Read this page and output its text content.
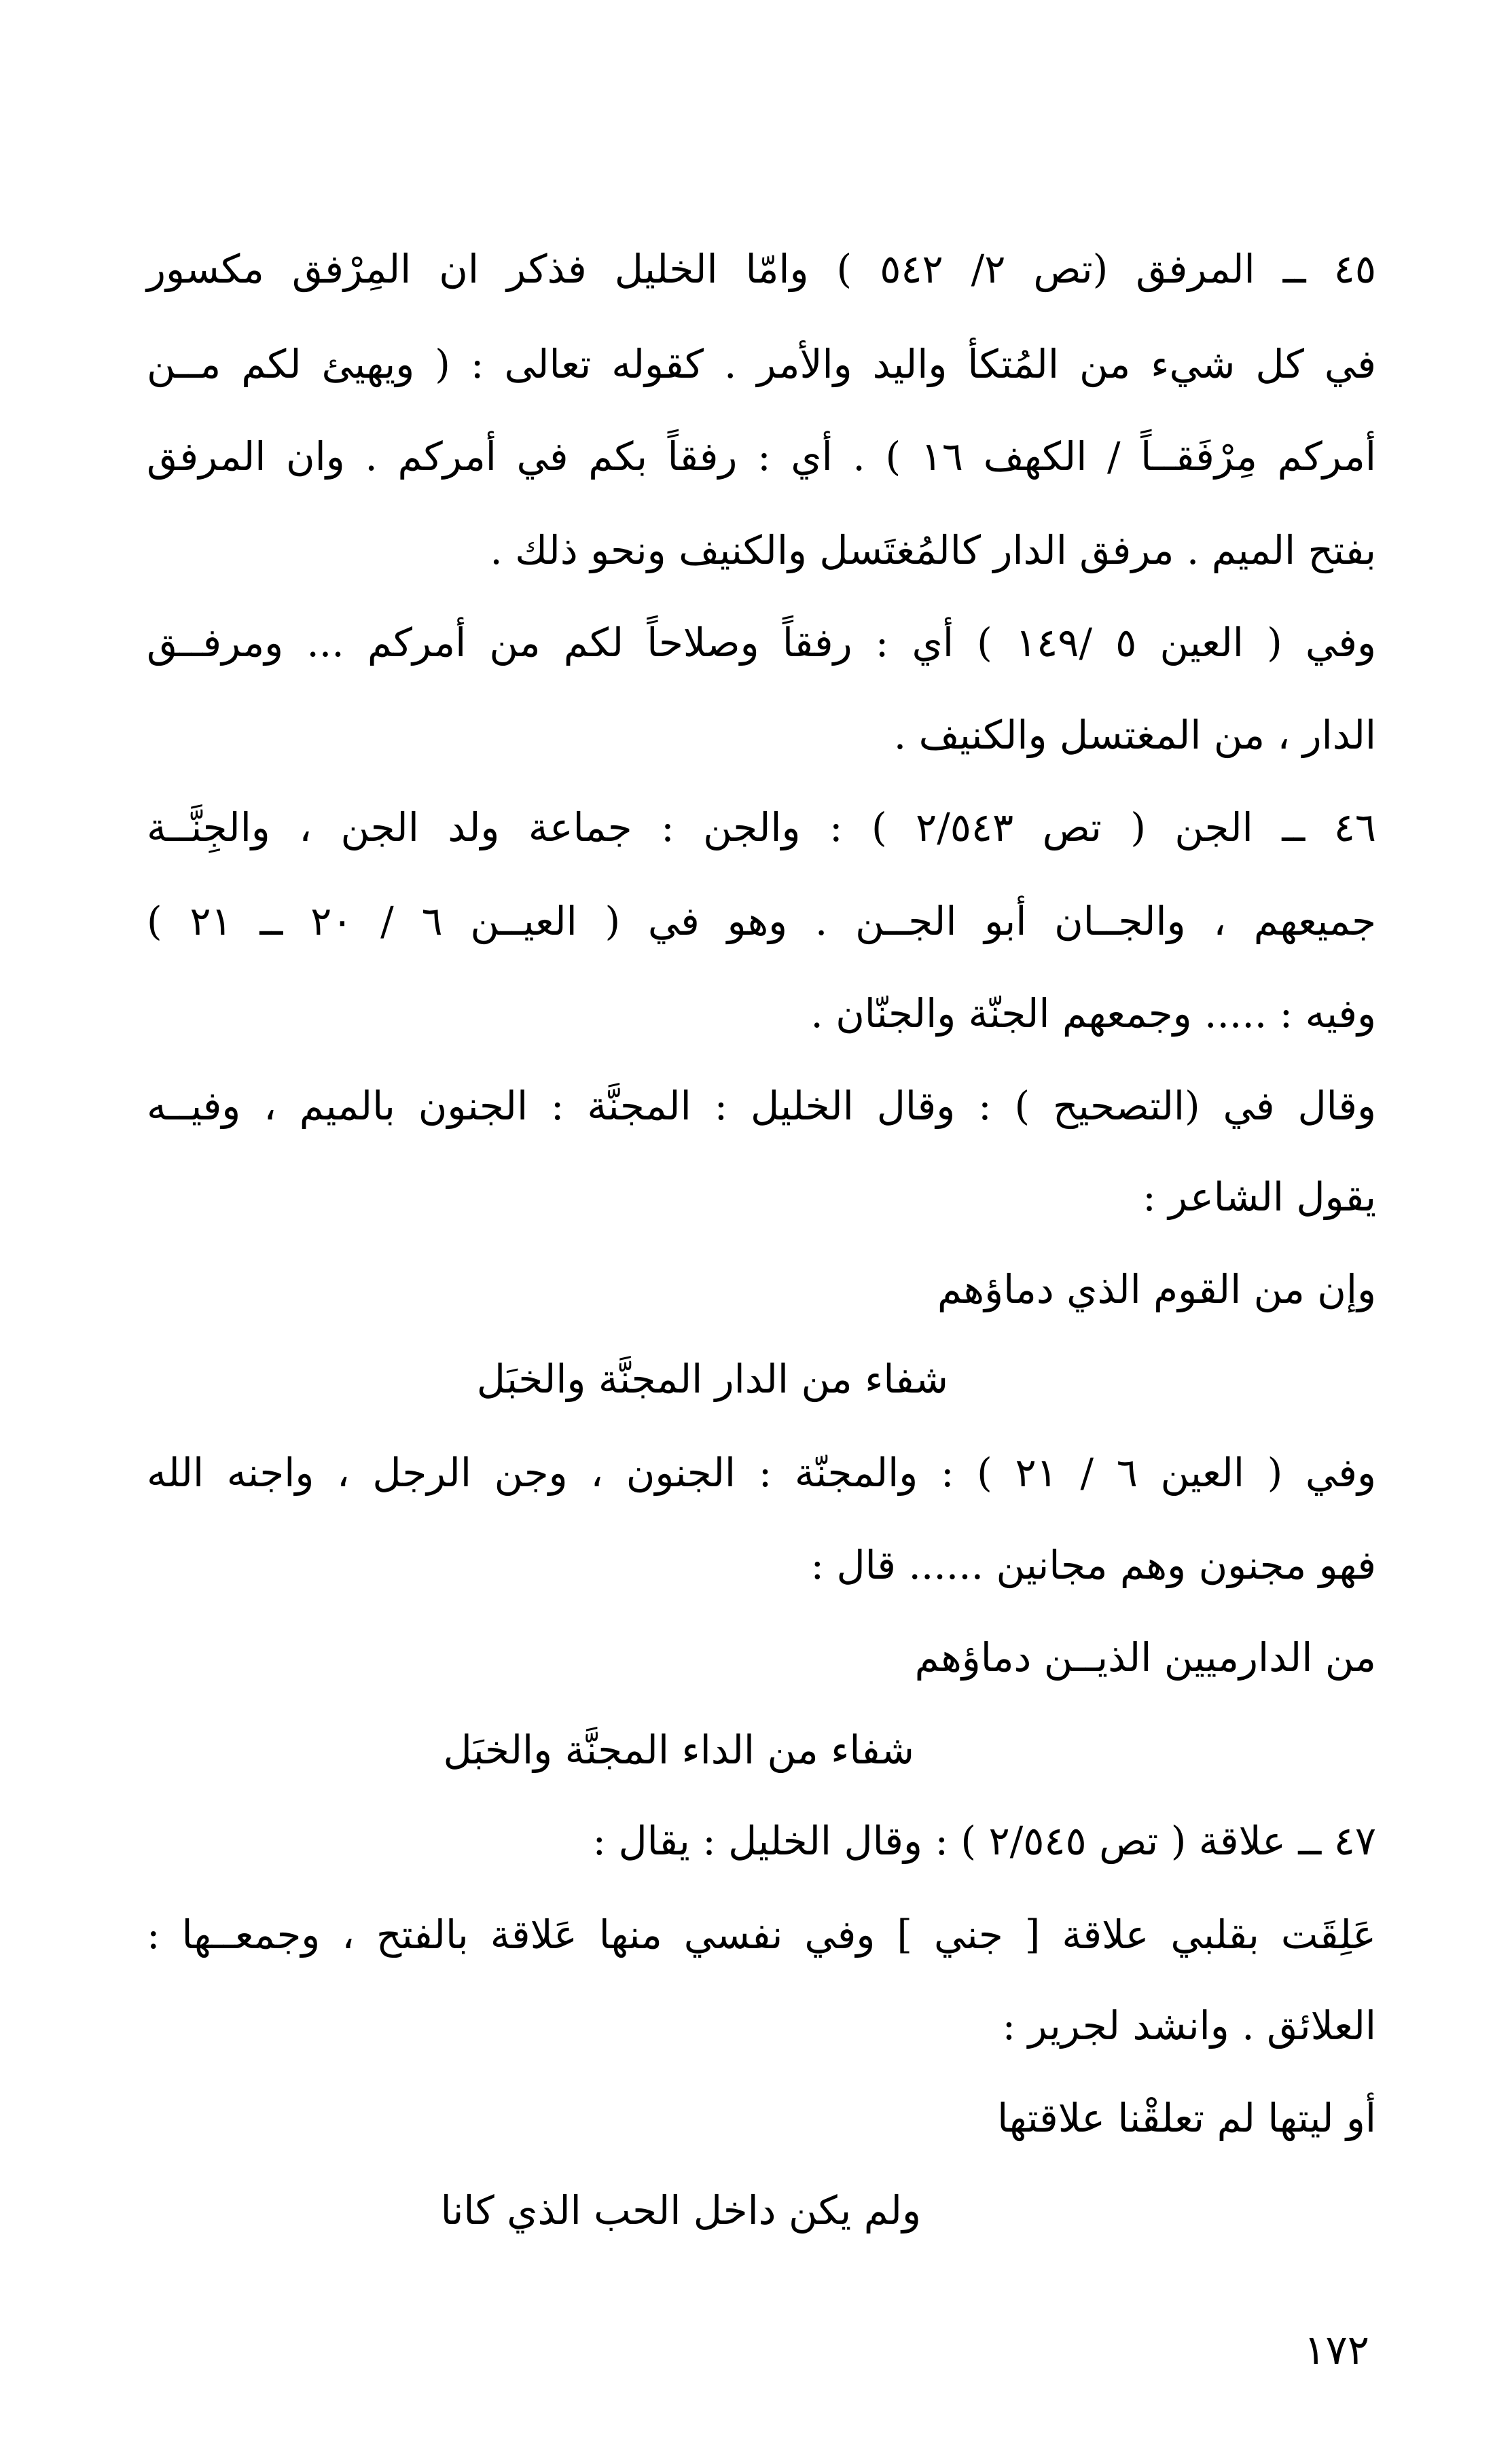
٤٥ ــ المرفق (تص ٢/ ٥٤٢ ) وامّا الخليل فذكر ان المِرْفق مكسور
في كل شيء من المُتكأ واليد والأمر . كقوله تعالى : ( ويهيئ لكم مــن
أمركم مِرْفَقــاً / الكهف ١٦ ) . أي : رفقاً بكم في أمركم . وان المرفق
بفتح الميم . مرفق الدار كالمُغتَسل والكنيف ونحو ذلك .
وفي ( العين ٥ /١٤٩ ) أي : رفقاً وصلاحاً لكم من أمركم ... ومرفــق
الدار ، من المغتسل والكنيف .
٤٦ ــ الجن ( تص ٢/٥٤٣ ) : والجن : جماعة ولد الجن ، والجِنَّــة
جميعهم ، والجــان أبو الجــن . وهو في ( العيــن ٦ / ٢٠ ــ ٢١ )
وفيه : ..... وجمعهم الجنّة والجنّان .
وقال في (التصحيح ) : وقال الخليل : المجنَّة : الجنون بالميم ، وفيــه
يقول الشاعر :
وإن من القوم الذي دماؤهم
شفاء من الدار المجنَّة والخبَل
وفي ( العين ٦ / ٢١ ) : والمجنّة : الجنون ، وجن الرجل ، واجنه الله
فهو مجنون وهم مجانين ...... قال :
من الدارميين الذيــن دماؤهم
شفاء من الداء المجنَّة والخبَل
٤٧ ــ علاقة ( تص ٢/٥٤٥ ) : وقال الخليل : يقال :
عَلِقَت بقلبي علاقة [ جني ] وفي نفسي منها عَلاقة بالفتح ، وجمعــها :
العلائق . وانشد لجرير :
أو ليتها لم تعلقْنا علاقتها
ولم يكن داخل الحب الذي كانا
١٧٢
